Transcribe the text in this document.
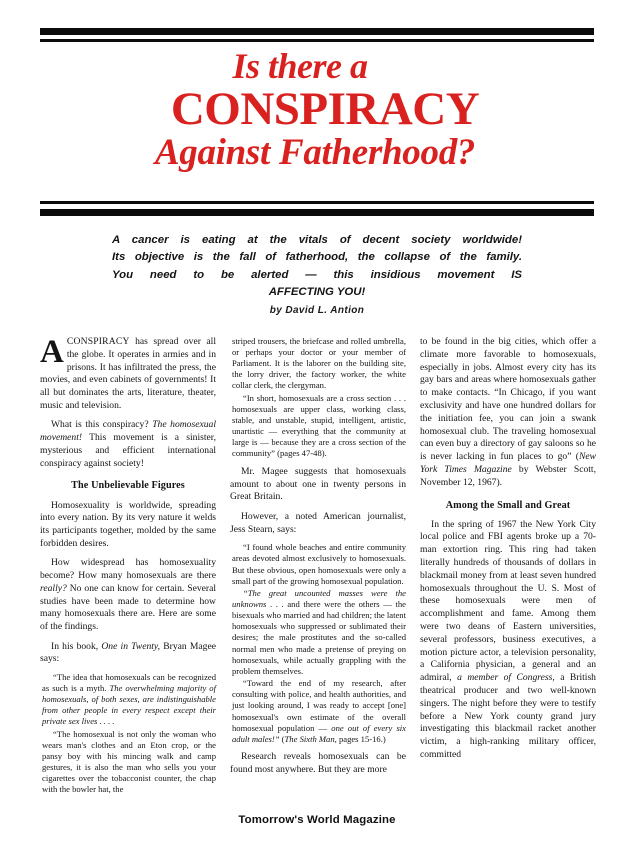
Is there a
CONSPIRACY
Against Fatherhood?
A cancer is eating at the vitals of decent society worldwide!
Its objective is the fall of fatherhood, the collapse of the family.
You need to be alerted — this insidious movement IS
AFFECTING YOU!
by David L. Antion

ACONSPIRACY has spread over all the globe. It operates in armies and in prisons. It has infiltrated the press, the movies, and even cabinets of governments! It all but dominates the arts, literature, theater, music and television.

What is this conspiracy? The homosexual movement! This movement is a sinister, mysterious and efficient international conspiracy against society!

The Unbelievable Figures

Homosexuality is worldwide, spreading into every nation. By its very nature it welds its participants together, molded by the same forbidden desires.

How widespread has homosexuality become? How many homosexuals are there really? No one can know for certain. Several studies have been made to determine how many homosexuals there are. Here are some of the findings.

In his book, One in Twenty, Bryan Magee says:

“The idea that homosexuals can be recognized as such is a myth. The overwhelming majority of homosexuals, of both sexes, are indistinguishable from other people in every respect except their private sex lives . . . .

“The homosexual is not only the woman who wears man's clothes and an Eton crop, or the pansy boy with his mincing walk and camp gestures, it is also the man who sells you your cigarettes over the tobacconist counter, the chap with the bowler hat, the

striped trousers, the briefcase and rolled umbrella, or perhaps your doctor or your member of Parliament. It is the laborer on the building site, the lorry driver, the factory worker, the white collar clerk, the clergyman.

“In short, homosexuals are a cross section . . . homosexuals are upper class, working class, stable, and unstable, stupid, intelligent, artistic, unartistic — everything that the community at large is — because they are a cross section of the community” (pages 47-48).

Mr. Magee suggests that homosexuals amount to about one in twenty persons in Great Britain.

However, a noted American journalist, Jess Stearn, says:

“I found whole beaches and entire community areas devoted almost exclusively to homosexuals. But these obvious, open homosexuals were only a small part of the growing homosexual population.

“The great uncounted masses were the unknowns . . . and there were the others — the bisexuals who married and had children; the latent homosexuals who suppressed or sublimated their desires; the male prostitutes and the so-called normal men who made a pretense of preying on homosexuals, while actually grappling with the problem themselves.

“Toward the end of my research, after consulting with police, and health authorities, and just looking around, I was ready to accept [one] homosexual's own estimate of the overall homosexual population — one out of every six adult males!” (The Sixth Man, pages 15-16.)

Research reveals homosexuals can be found most anywhere. But they are more

to be found in the big cities, which offer a climate more favorable to homosexuals, especially in jobs. Almost every city has its gay bars and areas where homosexuals gather to make contacts. “In Chicago, if you want exclusivity and have one hundred dollars for the initiation fee, you can join a swank homosexual club. The traveling homosexual can even buy a directory of gay saloons so he is never lacking in fun places to go” (New York Times Magazine by Webster Scott, November 12, 1967).

Among the Small and Great

In the spring of 1967 the New York City local police and FBI agents broke up a 70-man extortion ring. This ring had taken literally hundreds of thousands of dollars in blackmail money from at least seven hundred homosexuals throughout the U. S. Most of these homosexuals were men of accomplishment and fame. Among them were two deans of Eastern universities, several professors, business executives, a motion picture actor, a television personality, a California physician, a general and an admiral, a member of Congress, a British theatrical producer and two well-known singers. The night before they were to testify before a New York county grand jury investigating this blackmail racket another victim, a high-ranking military officer, committed

Tomorrow's World Magazine
